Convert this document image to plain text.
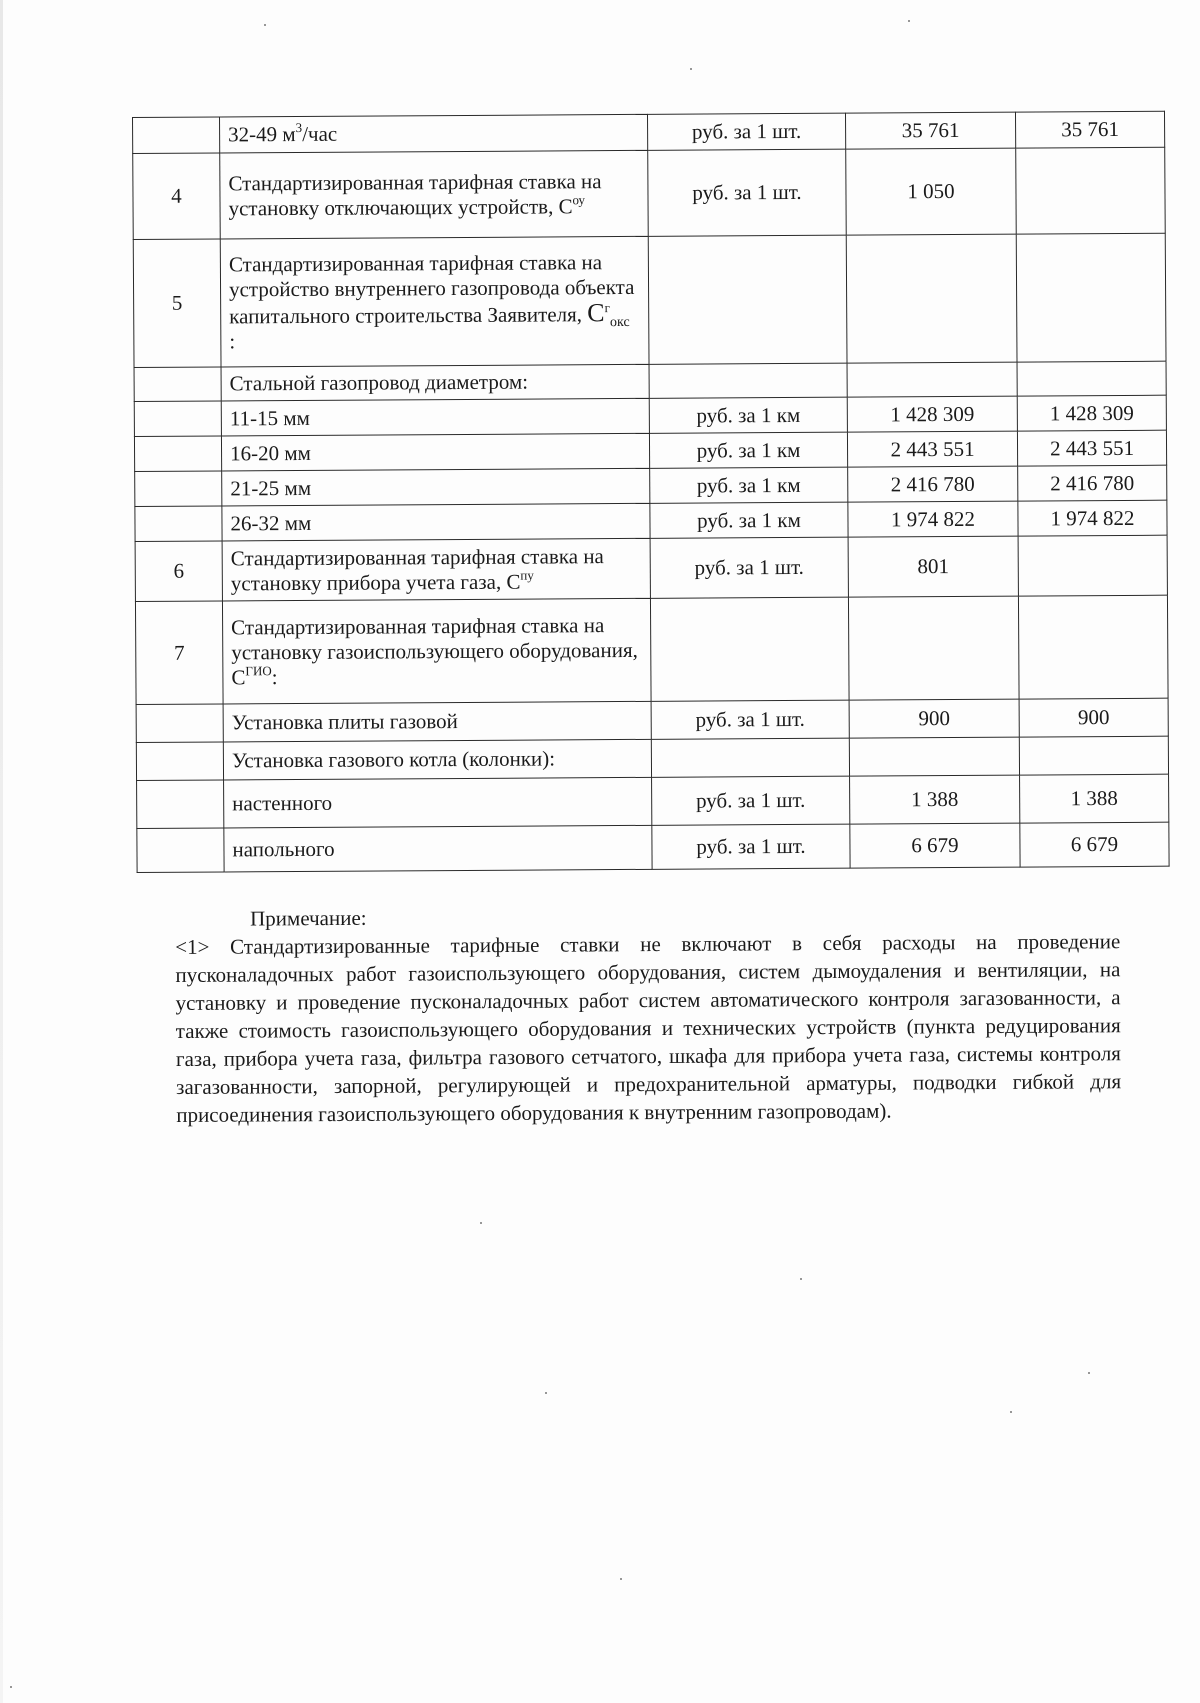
	32-49 $м^3$/час	руб. за 1 шт.	35 761	35 761
4	Стандартизированная тарифная ставка на установку отключающих устройств, $С^{оу}$	руб. за 1 шт.	1 050	
5	Стандартизированная тарифная ставка на устройство внутреннего газопровода объекта капитального строительства Заявителя, $С^г_{окс}$ :			
	Стальной газопровод диаметром:			
	11-15 мм	руб. за 1 км	1 428 309	1 428 309
	16-20 мм	руб. за 1 км	2 443 551	2 443 551
	21-25 мм	руб. за 1 км	2 416 780	2 416 780
	26-32 мм	руб. за 1 км	1 974 822	1 974 822
6	Стандартизированная тарифная ставка на установку прибора учета газа, $С^{пу}$	руб. за 1 шт.	801	
7	Стандартизированная тарифная ставка на установку газоиспользующего оборудования, $С^{ГИО}$:			
	Установка плиты газовой	руб. за 1 шт.	900	900
	Установка газового котла (колонки):			
	настенного	руб. за 1 шт.	1 388	1 388
	напольного	руб. за 1 шт.	6 679	6 679
Примечание:

<1> Стандартизированные тарифные ставки не включают в себя расходы на проведение пусконаладочных работ газоиспользующего оборудования, систем дымоудаления и вентиляции, на установку и проведение пусконаладочных работ систем автоматического контроля загазованности, а также стоимость газоиспользующего оборудования и технических устройств (пункта редуцирования газа, прибора учета газа, фильтра газового сетчатого, шкафа для прибора учета газа, системы контроля загазованности, запорной, регулирующей и предохранительной арматуры, подводки гибкой для присоединения газоиспользующего оборудования к внутренним газопроводам).
